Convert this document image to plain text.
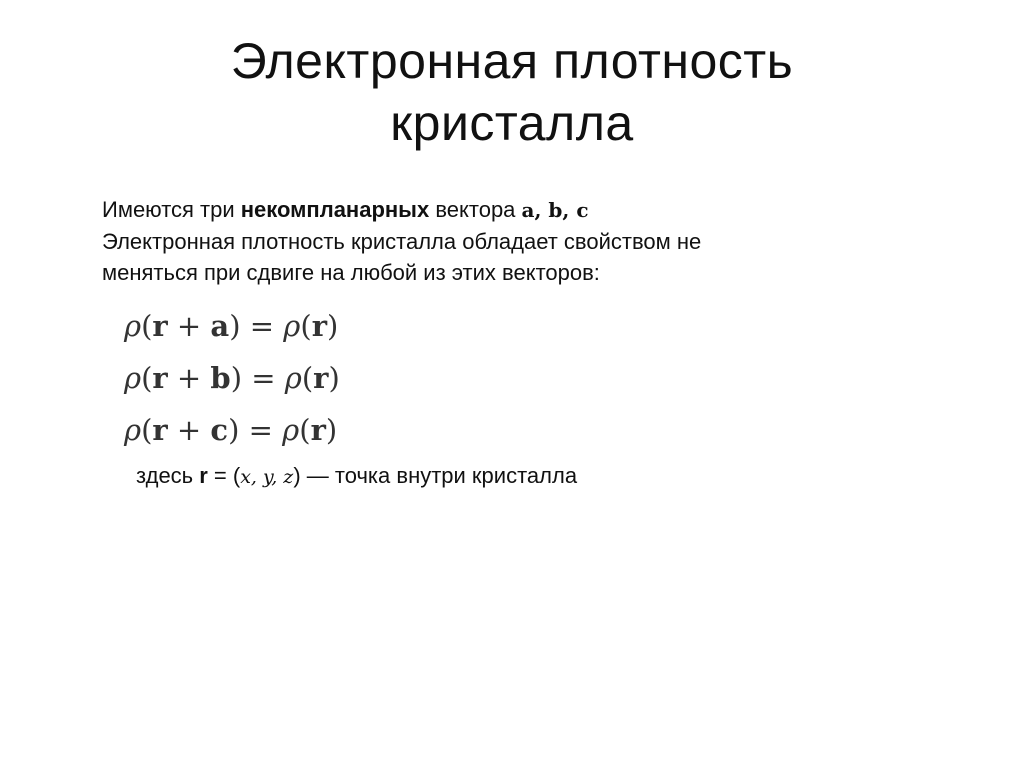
Электронная плотность
кристалла

Имеются три некомпланарных вектора a, b, c

Электронная плотность кристалла обладает свойством не

меняться при сдвиге на любой из этих векторов:

ρ(r + a) = ρ(r)
ρ(r + b) = ρ(r)
ρ(r + c) = ρ(r)
здесь r = (x, y, z) — точка внутри кристалла
